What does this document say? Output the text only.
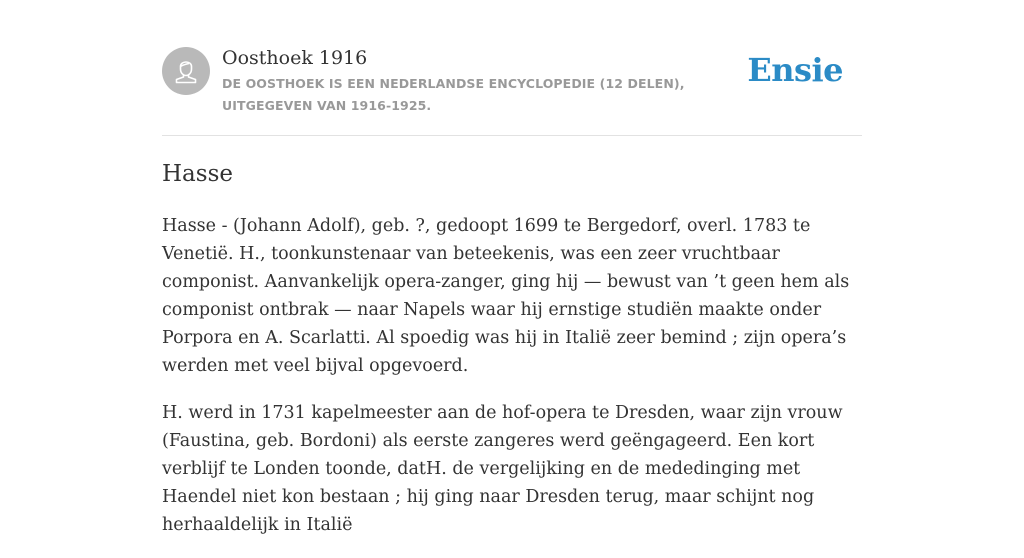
Oosthoek 1916
DE OOSTHOEK IS EEN NEDERLANDSE ENCYCLOPEDIE (12 DELEN), UITGEGEVEN VAN 1916-1925.
Ensie
Hasse

Hasse - (Johann Adolf), geb. ?, gedoopt 1699 te Bergedorf, overl. 1783 te Venetië. H., toonkunstenaar van beteekenis, was een zeer vruchtbaar componist. Aanvankelijk opera-zanger, ging hij — bewust van ’t geen hem als componist ontbrak — naar Napels waar hij ernstige studiën maakte onder Porpora en A. Scarlatti. Al spoedig was hij in Italië zeer bemind ; zijn opera’s werden met veel bijval opgevoerd.

H. werd in 1731 kapelmeester aan de hof-opera te Dresden, waar zijn vrouw (Faustina, geb. Bordoni) als eerste zangeres werd geëngageerd. Een kort verblijf te Londen toonde, datH. de vergelijking en de mededinging met Haendel niet kon bestaan ; hij ging naar Dresden terug, maar schijnt nog herhaaldelijk in Italië
